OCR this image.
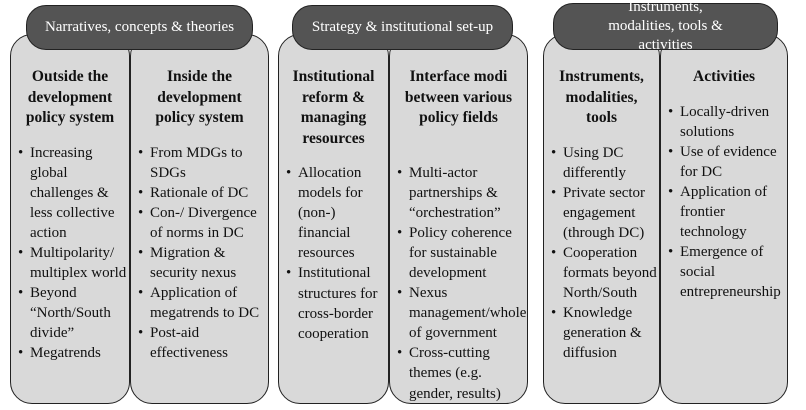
Outside the development policy system
• Increasing global challenges & less collective action
• Multipolarity/ multiplex world
• Beyond “North/South divide”
• Megatrends
Inside the development policy system
• From MDGs to SDGs
• Rationale of DC
• Con-/ Divergence of norms in DC
• Migration & security nexus
• Application of megatrends to DC
• Post-aid effectiveness
Narratives, concepts & theories
Institutional reform & managing resources
• Allocation models for (non-) financial resources
• Institutional structures for cross-border cooperation
Interface modi between various policy fields
• Multi-actor partnerships & “orchestration”
• Policy coherence for sustainable development
• Nexus management/whole of government
• Cross-cutting themes (e.g. gender, results)
Strategy & institutional set-up
Instruments, modalities, tools
• Using DC differently
• Private sector engagement (through DC)
• Cooperation formats beyond North/South
• Knowledge generation & diffusion
Activities
• Locally-driven solutions
• Use of evidence for DC
• Application of frontier technology
• Emergence of social entrepreneurship
Instruments, modalities, tools & activities
